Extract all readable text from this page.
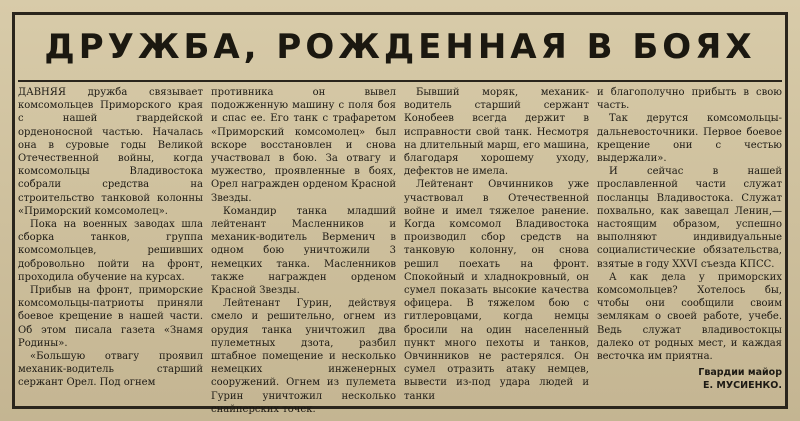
ДРУЖБА, РОЖДЕННАЯ В БОЯХ

ДАВНЯЯ дружба связывает комсомольцев Приморского края с нашей гвардейской орденоносной частью. Началась она в суровые годы Великой Отечественной войны, когда комсомольцы Владивостока собрали средства на строительство танковой колонны «Приморский комсомолец».

Пока на военных заводах шла сборка танков, группа комсомольцев, решивших добровольно пойти на фронт, проходила обучение на курсах.

Прибыв на фронт, приморские комсомольцы-патриоты приняли боевое крещение в нашей части. Об этом писала газета «Знамя Родины».

«Большую отвагу проявил механик-водитель старший сержант Орел. Под огнем

противника он вывел подожженную машину с поля боя и спас ее. Его танк с трафаретом «Приморский комсомолец» был вскоре восстановлен и снова участвовал в бою. За отвагу и мужество, проявленные в боях, Орел награжден орденом Красной Звезды.

Командир танка младший лейтенант Масленников и механик-водитель Верменич в одном бою уничтожили 3 немецких танка. Масленников также награжден орденом Красной Звезды.

Лейтенант Гурин, действуя смело и решительно, огнем из орудия танка уничтожил два пулеметных дзота, разбил штабное помещение и несколько немецких инженерных сооружений. Огнем из пулемета Гурин уничтожил несколько снайперских точек.

Бывший моряк, механик-водитель старший сержант Конобеев всегда держит в исправности свой танк. Несмотря на длительный марш, его машина, благодаря хорошему уходу, дефектов не имела.

Лейтенант Овчинников уже участвовал в Отечественной войне и имел тяжелое ранение. Когда комсомол Владивостока производил сбор средств на танковую колонну, он снова решил поехать на фронт. Спокойный и хладнокровный, он сумел показать высокие качества офицера. В тяжелом бою с гитлеровцами, когда немцы бросили на один населенный пункт много пехоты и танков, Овчинников не растерялся. Он сумел отразить атаку немцев, вывести из-под удара людей и танки

и благополучно прибыть в свою часть.

Так дерутся комсомольцы-дальневосточники. Первое боевое крещение они с честью выдержали».

И сейчас в нашей прославленной части служат посланцы Владивостока. Служат похвально, как завещал Ленин,— настоящим образом, успешно выполняют индивидуальные социалистические обязательства, взятые в году XXVI съезда КПСС.

А как дела у приморских комсомольцев? Хотелось бы, чтобы они сообщили своим землякам о своей работе, учебе. Ведь служат владивостокцы далеко от родных мест, и каждая весточка им приятна.

Гвардии майор
Е. МУСИЕНКО.
